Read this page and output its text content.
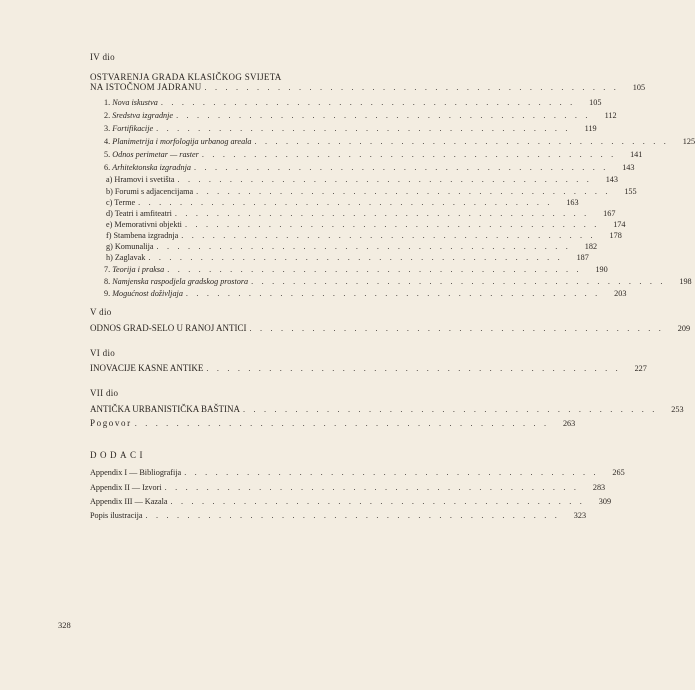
IV dio
OSTVARENJA GRADA KLASIČKOG SVIJETA
NA ISTOČNOM JADRANU . . . . . . . . . . . . . . . . . . . . . . . . . . . . . . . . . . . . . . . .	105
1. Nova iskustva . . . . . . . . . . . . . . . . . . . . . . . . . . . . . . . . . . . . . . . .	105
2. Sredstva izgradnje . . . . . . . . . . . . . . . . . . . . . . . . . . . . . . . . . . . . . . . .	112
3. Fortifikacije . . . . . . . . . . . . . . . . . . . . . . . . . . . . . . . . . . . . . . . .	119
4. Planimetrija i morfologija urbanog areala . . . . . . . . . . . . . . . . . . . . . . . . . . . . . . . . . . . . . . . .	125
5. Odnos perimetar — raster . . . . . . . . . . . . . . . . . . . . . . . . . . . . . . . . . . . . . . . .	141
6. Arhitektonska izgradnja . . . . . . . . . . . . . . . . . . . . . . . . . . . . . . . . . . . . . . . .	143
a) Hramovi i svetišta . . . . . . . . . . . . . . . . . . . . . . . . . . . . . . . . . . . . . . . .	143
b) Forumi s adjacencijama . . . . . . . . . . . . . . . . . . . . . . . . . . . . . . . . . . . . . . . .	155
c) Terme . . . . . . . . . . . . . . . . . . . . . . . . . . . . . . . . . . . . . . . .	163
d) Teatri i amfiteatri . . . . . . . . . . . . . . . . . . . . . . . . . . . . . . . . . . . . . . . .	167
e) Memorativni objekti . . . . . . . . . . . . . . . . . . . . . . . . . . . . . . . . . . . . . . . .	174
f) Stambena izgradnja . . . . . . . . . . . . . . . . . . . . . . . . . . . . . . . . . . . . . . . .	178
g) Komunalija . . . . . . . . . . . . . . . . . . . . . . . . . . . . . . . . . . . . . . . .	182
h) Zaglavak . . . . . . . . . . . . . . . . . . . . . . . . . . . . . . . . . . . . . . . .	187
7. Teorija i praksa . . . . . . . . . . . . . . . . . . . . . . . . . . . . . . . . . . . . . . . .	190
8. Namjenska raspodjela gradskog prostora . . . . . . . . . . . . . . . . . . . . . . . . . . . . . . . . . . . . . . . .	198
9. Mogućnost doživljaja . . . . . . . . . . . . . . . . . . . . . . . . . . . . . . . . . . . . . . . .	203
V dio
ODNOS GRAD-SELO U RANOJ ANTICI . . . . . . . . . . . . . . . . . . . . . . . . . . . . . . . . . . . . . . . .	209
VI dio
INOVACIJE KASNE ANTIKE . . . . . . . . . . . . . . . . . . . . . . . . . . . . . . . . . . . . . . . .	227
VII dio
ANTIČKA URBANISTIČKA BAŠTINA . . . . . . . . . . . . . . . . . . . . . . . . . . . . . . . . . . . . . . . .	253
Pogovor . . . . . . . . . . . . . . . . . . . . . . . . . . . . . . . . . . . . . . . .	263
DODACI
Appendix I — Bibliografija . . . . . . . . . . . . . . . . . . . . . . . . . . . . . . . . . . . . . . . .	265
Appendix II — Izvori . . . . . . . . . . . . . . . . . . . . . . . . . . . . . . . . . . . . . . . .	283
Appendix III — Kazala . . . . . . . . . . . . . . . . . . . . . . . . . . . . . . . . . . . . . . . .	309
Popis ilustracija . . . . . . . . . . . . . . . . . . . . . . . . . . . . . . . . . . . . . . . .	323
328
